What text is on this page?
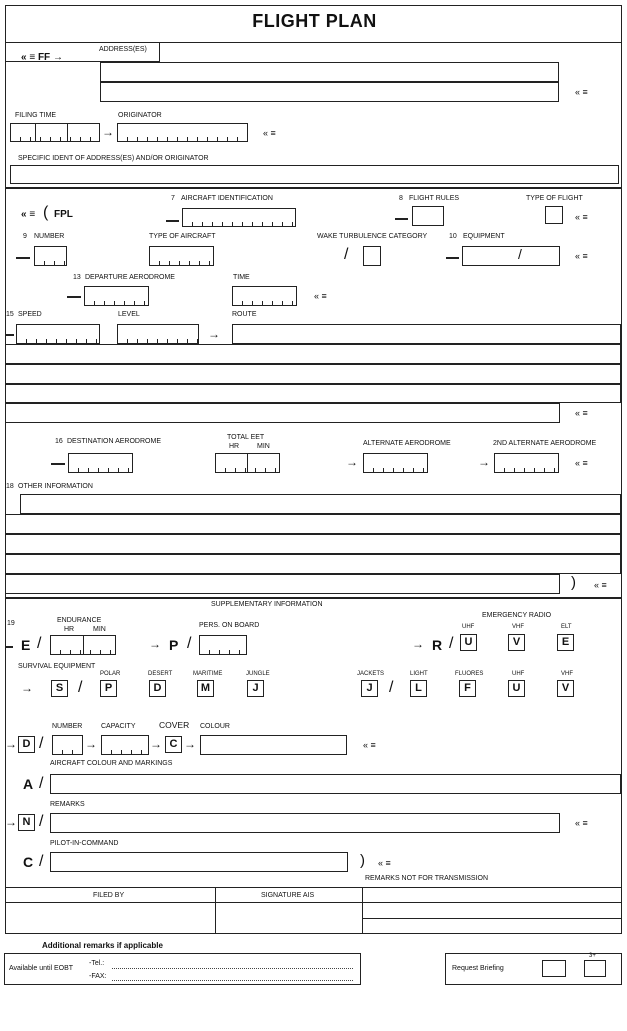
FLIGHT PLAN
« ≡ FF →
ADDRESS(ES)
« ≡
FILING TIME
→
ORIGINATOR
« ≡
SPECIFIC IDENT OF ADDRESS(ES) AND/OR ORIGINATOR
« ≡ ( FPL
7 AIRCRAFT IDENTIFICATION	8 FLIGHT RULES	TYPE OF FLIGHT
« ≡
9 NUMBER	TYPE OF AIRCRAFT	WAKE TURBULENCE CATEGORY
/
10 EQUIPMENT
/	« ≡
13 DEPARTURE AERODROME	TIME
« ≡
15 SPEED	LEVEL
→
ROUTE
« ≡
16 DESTINATION AERODROME
TOTAL EET
HR	MIN	ALTERNATE AERODROME
→
2ND ALTERNATE AERODROME
→	« ≡
18 OTHER INFORMATION
) « ≡
SUPPLEMENTARY INFORMATION
19	ENDURANCE
HR	MIN
E /	→ P /
PERS. ON BOARD
→ R /
EMERGENCY RADIO
UHF	VHF	ELT
U	V	E
SURVIVAL EQUIPMENT
POLAR	DESERT	MARITIME	JUNGLE
→	S /	P	D	M	J
JACKETS	LIGHT	FLUORES	UHF	VHF
J	/	L	F	U	V
NUMBER	CAPACITY	COVER COLOUR
→ D /	→	→ C →	« ≡
AIRCRAFT COLOUR AND MARKINGS
A /
REMARKS
→ N /	« ≡
PILOT-IN-COMMAND
C /	) « ≡
REMARKS NOT FOR TRANSMISSION
FILED BY	SIGNATURE AIS
Additional remarks if applicable
Available until EOBT
-Tel.:
-FAX:
Request Briefing
3+
